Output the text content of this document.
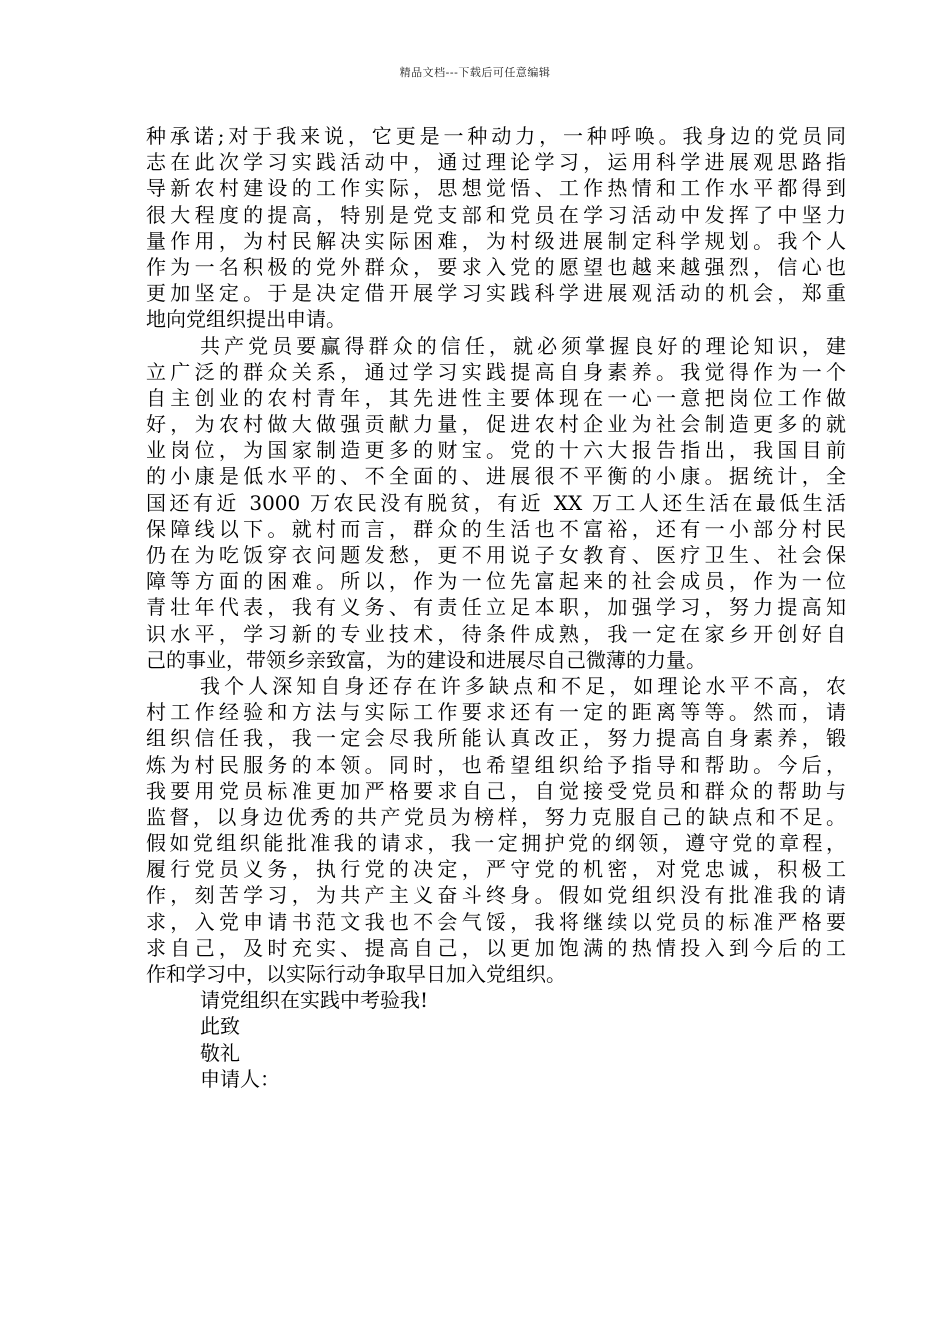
精品文档---下载后可任意编辑
种承诺;对于我来说，它更是一种动力，一种呼唤。我身边的党员同
志在此次学习实践活动中，通过理论学习，运用科学进展观思路指
导新农村建设的工作实际，思想觉悟、工作热情和工作水平都得到
很大程度的提高，特别是党支部和党员在学习活动中发挥了中坚力
量作用，为村民解决实际困难，为村级进展制定科学规划。我个人
作为一名积极的党外群众，要求入党的愿望也越来越强烈，信心也
更加坚定。于是决定借开展学习实践科学进展观活动的机会，郑重
地向党组织提出申请。
共产党员要赢得群众的信任，就必须掌握良好的理论知识，建
立广泛的群众关系，通过学习实践提高自身素养。我觉得作为一个
自主创业的农村青年，其先进性主要体现在一心一意把岗位工作做
好，为农村做大做强贡献力量，促进农村企业为社会制造更多的就
业岗位，为国家制造更多的财宝。党的十六大报告指出，我国目前
的小康是低水平的、不全面的、进展很不平衡的小康。据统计，全
国还有近 3000 万农民没有脱贫，有近 XX 万工人还生活在最低生活
保障线以下。就村而言，群众的生活也不富裕，还有一小部分村民
仍在为吃饭穿衣问题发愁，更不用说子女教育、医疗卫生、社会保
障等方面的困难。所以，作为一位先富起来的社会成员，作为一位
青壮年代表，我有义务、有责任立足本职，加强学习，努力提高知
识水平，学习新的专业技术，待条件成熟，我一定在家乡开创好自
己的事业，带领乡亲致富，为的建设和进展尽自己微薄的力量。
我个人深知自身还存在许多缺点和不足，如理论水平不高，农
村工作经验和方法与实际工作要求还有一定的距离等等。然而，请
组织信任我，我一定会尽我所能认真改正，努力提高自身素养，锻
炼为村民服务的本领。同时，也希望组织给予指导和帮助。今后，
我要用党员标准更加严格要求自己，自觉接受党员和群众的帮助与
监督，以身边优秀的共产党员为榜样，努力克服自己的缺点和不足。
假如党组织能批准我的请求，我一定拥护党的纲领，遵守党的章程，
履行党员义务，执行党的决定，严守党的机密，对党忠诚，积极工
作，刻苦学习，为共产主义奋斗终身。假如党组织没有批准我的请
求，入党申请书范文我也不会气馁，我将继续以党员的标准严格要
求自己，及时充实、提高自己，以更加饱满的热情投入到今后的工
作和学习中，以实际行动争取早日加入党组织。
请党组织在实践中考验我!
此致
敬礼
申请人：
